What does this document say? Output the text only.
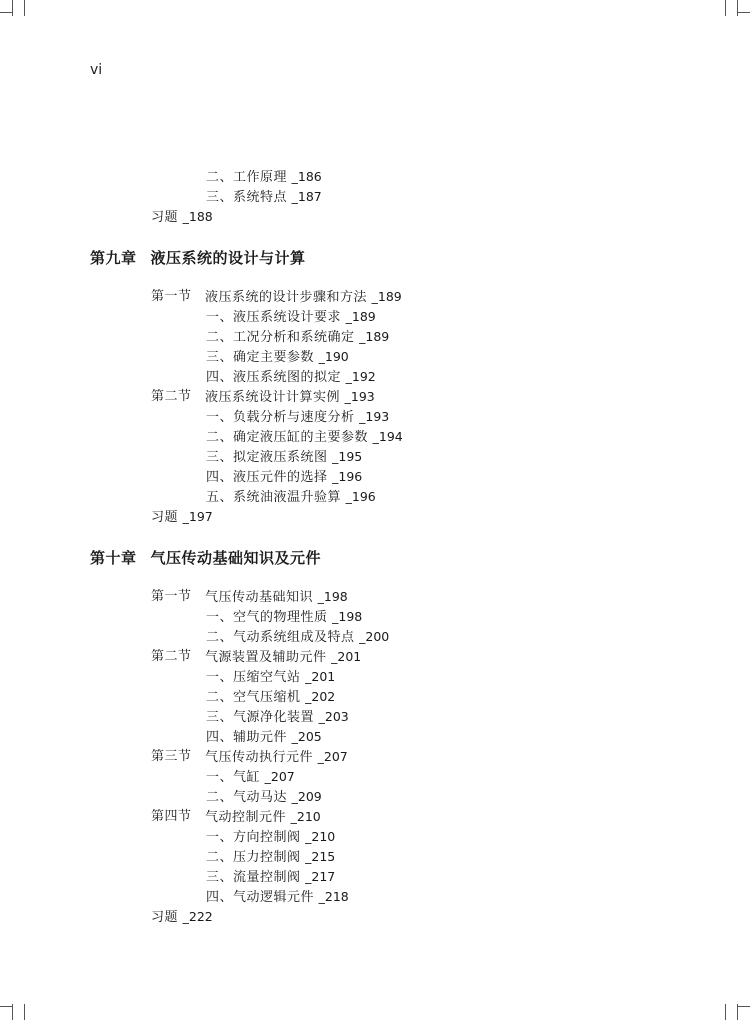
vi
二、工作原理 _186
三、系统特点 _187
习题 _188
第九章 液压系统的设计与计算
第一节 液压系统的设计步骤和方法 _189
一、液压系统设计要求 _189
二、工况分析和系统确定 _189
三、确定主要参数 _190
四、液压系统图的拟定 _192
第二节 液压系统设计计算实例 _193
一、负载分析与速度分析 _193
二、确定液压缸的主要参数 _194
三、拟定液压系统图 _195
四、液压元件的选择 _196
五、系统油液温升验算 _196
习题 _197
第十章 气压传动基础知识及元件
第一节 气压传动基础知识 _198
一、空气的物理性质 _198
二、气动系统组成及特点 _200
第二节 气源装置及辅助元件 _201
一、压缩空气站 _201
二、空气压缩机 _202
三、气源净化装置 _203
四、辅助元件 _205
第三节 气压传动执行元件 _207
一、气缸 _207
二、气动马达 _209
第四节 气动控制元件 _210
一、方向控制阀 _210
二、压力控制阀 _215
三、流量控制阀 _217
四、气动逻辑元件 _218
习题 _222
